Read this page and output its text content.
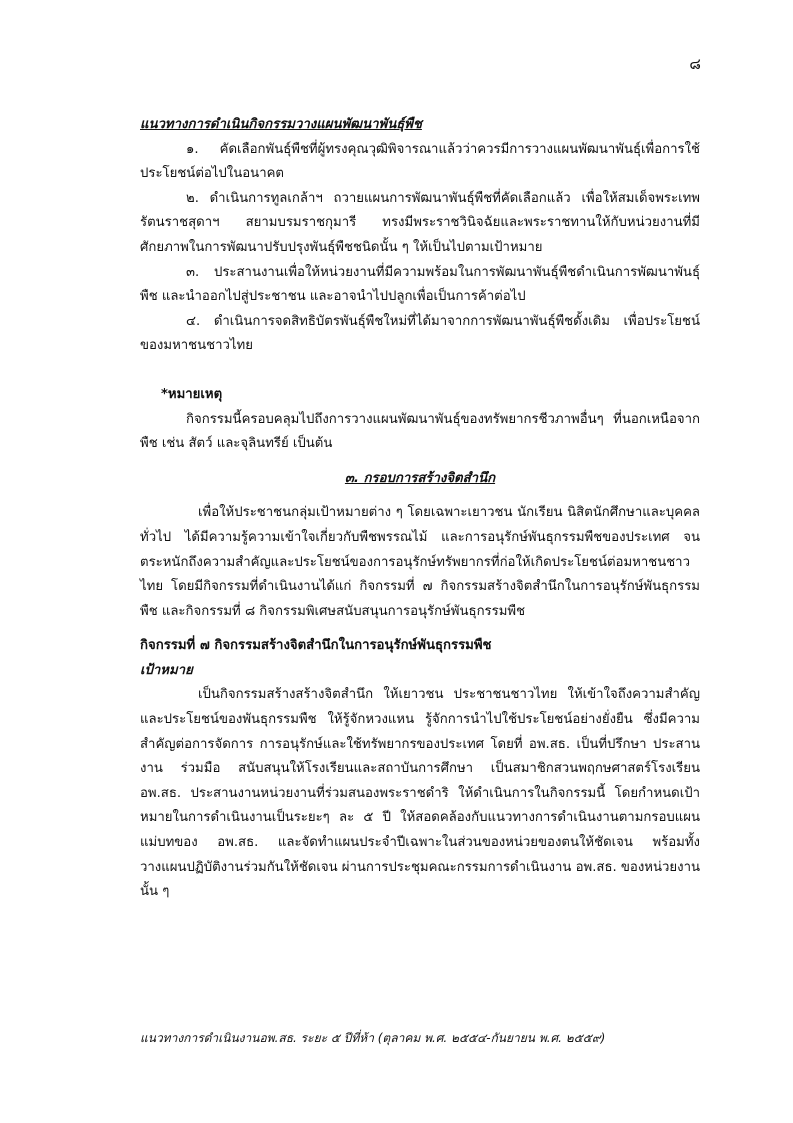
๘

แนวทางการดำเนินกิจกรรมวางแผนพัฒนาพันธุ์พืช

๑. คัดเลือกพันธุ์พืชที่ผู้ทรงคุณวุฒิพิจารณาแล้วว่าควรมีการวางแผนพัฒนาพันธุ์เพื่อการใช้ประโยชน์ต่อไปในอนาคต

๒. ดำเนินการทูลเกล้าฯ ถวายแผนการพัฒนาพันธุ์พืชที่คัดเลือกแล้ว เพื่อให้สมเด็จพระเทพรัตนราชสุดาฯ สยามบรมราชกุมารี ทรงมีพระราชวินิจฉัยและพระราชทานให้กับหน่วยงานที่มีศักยภาพในการพัฒนาปรับปรุงพันธุ์พืชชนิดนั้น ๆ ให้เป็นไปตามเป้าหมาย

๓. ประสานงานเพื่อให้หน่วยงานที่มีความพร้อมในการพัฒนาพันธุ์พืชดำเนินการพัฒนาพันธุ์พืช และนำออกไปสู่ประชาชน และอาจนำไปปลูกเพื่อเป็นการค้าต่อไป

๔. ดำเนินการจดสิทธิบัตรพันธุ์พืชใหม่ที่ได้มาจากการพัฒนาพันธุ์พืชดั้งเดิม เพื่อประโยชน์ของมหาชนชาวไทย

*หมายเหตุ

กิจกรรมนี้ครอบคลุมไปถึงการวางแผนพัฒนาพันธุ์ของทรัพยากรชีวภาพอื่นๆ ที่นอกเหนือจากพืช เช่น สัตว์ และจุลินทรีย์ เป็นต้น

๓. กรอบการสร้างจิตสำนึก

เพื่อให้ประชาชนกลุ่มเป้าหมายต่าง ๆ โดยเฉพาะเยาวชน นักเรียน นิสิตนักศึกษาและบุคคลทั่วไป ได้มีความรู้ความเข้าใจเกี่ยวกับพืชพรรณไม้ และการอนุรักษ์พันธุกรรมพืชของประเทศ จนตระหนักถึงความสำคัญและประโยชน์ของการอนุรักษ์ทรัพยากรที่ก่อให้เกิดประโยชน์ต่อมหาชนชาวไทย โดยมีกิจกรรมที่ดำเนินงานได้แก่ กิจกรรมที่ ๗ กิจกรรมสร้างจิตสำนึกในการอนุรักษ์พันธุกรรมพืช และกิจกรรมที่ ๘ กิจกรรมพิเศษสนับสนุนการอนุรักษ์พันธุกรรมพืช

กิจกรรมที่ ๗ กิจกรรมสร้างจิตสำนึกในการอนุรักษ์พันธุกรรมพืช

เป้าหมาย

เป็นกิจกรรมสร้างสร้างจิตสำนึก ให้เยาวชน ประชาชนชาวไทย ให้เข้าใจถึงความสำคัญและประโยชน์ของพันธุกรรมพืช ให้รู้จักหวงแหน รู้จักการนำไปใช้ประโยชน์อย่างยั่งยืน ซึ่งมีความสำคัญต่อการจัดการ การอนุรักษ์และใช้ทรัพยากรของประเทศ โดยที่ อพ.สธ. เป็นที่ปรึกษา ประสานงาน ร่วมมือ สนับสนุนให้โรงเรียนและสถาบันการศึกษา เป็นสมาชิกสวนพฤกษศาสตร์โรงเรียน อพ.สธ. ประสานงานหน่วยงานที่ร่วมสนองพระราชดำริ ให้ดำเนินการในกิจกรรมนี้ โดยกำหนดเป้าหมายในการดำเนินงานเป็นระยะๆ ละ ๕ ปี ให้สอดคล้องกับแนวทางการดำเนินงานตามกรอบแผนแม่บทของ อพ.สธ. และจัดทำแผนประจำปีเฉพาะในส่วนของหน่วยของตนให้ชัดเจน พร้อมทั้งวางแผนปฏิบัติงานร่วมกันให้ชัดเจน ผ่านการประชุมคณะกรรมการดำเนินงาน อพ.สธ. ของหน่วยงานนั้น ๆ

แนวทางการดำเนินงานอพ.สธ. ระยะ ๕ ปีที่ห้า (ตุลาคม พ.ศ. ๒๕๕๔-กันยายน พ.ศ. ๒๕๕๙)
